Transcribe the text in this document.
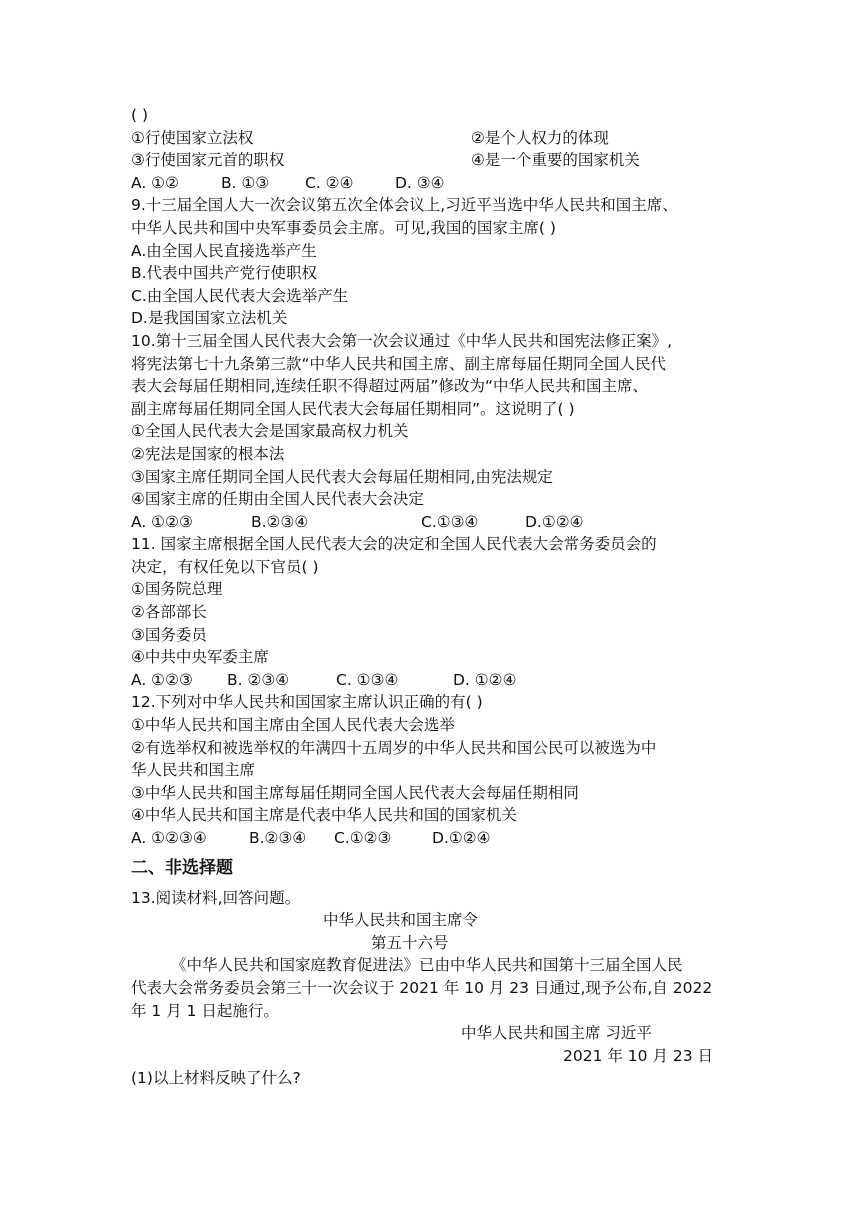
( )
①行使国家立法权	②是个人权力的体现
③行使国家元首的职权	④是一个重要的国家机关
A. ①②	B. ①③ C. ②④	D. ③④
9.十三届全国人大一次会议第五次全体会议上,习近平当选中华人民共和国主席、
中华人民共和国中央军事委员会主席。可见,我国的国家主席( )
A.由全国人民直接选举产生
B.代表中国共产党行使职权
C.由全国人民代表大会选举产生
D.是我国国家立法机关
10.第十三届全国人民代表大会第一次会议通过《中华人民共和国宪法修正案》,
将宪法第七十九条第三款“中华人民共和国主席、副主席每届任期同全国人民代
表大会每届任期相同,连续任职不得超过两届”修改为“中华人民共和国主席、
副主席每届任期同全国人民代表大会每届任期相同”。这说明了( )
①全国人民代表大会是国家最高权力机关
②宪法是国家的根本法
③国家主席任期同全国人民代表大会每届任期相同,由宪法规定
④国家主席的任期由全国人民代表大会决定
A. ①②③	B.②③④	C.①③④	D.①②④
11. 国家主席根据全国人民代表大会的决定和全国人民代表大会常务委员会的
决定，有权任免以下官员( )
①国务院总理
②各部部长
③国务委员
④中共中央军委主席
A. ①②③ B. ②③④	C. ①③④	D. ①②④
12.下列对中华人民共和国国家主席认识正确的有( )
①中华人民共和国主席由全国人民代表大会选举
②有选举权和被选举权的年满四十五周岁的中华人民共和国公民可以被选为中
华人民共和国主席
③中华人民共和国主席每届任期同全国人民代表大会每届任期相同
④中华人民共和国主席是代表中华人民共和国的国家机关
A. ①②③④	B.②③④ C.①②③	D.①②④
二、非选择题
13.阅读材料,回答问题。
中华人民共和国主席令
第五十六号
《中华人民共和国家庭教育促进法》已由中华人民共和国第十三届全国人民
代表大会常务委员会第三十一次会议于 2021 年 10 月 23 日通过,现予公布,自 2022
年 1 月 1 日起施行。
中华人民共和国主席 习近平
2021 年 10 月 23 日
(1)以上材料反映了什么?
